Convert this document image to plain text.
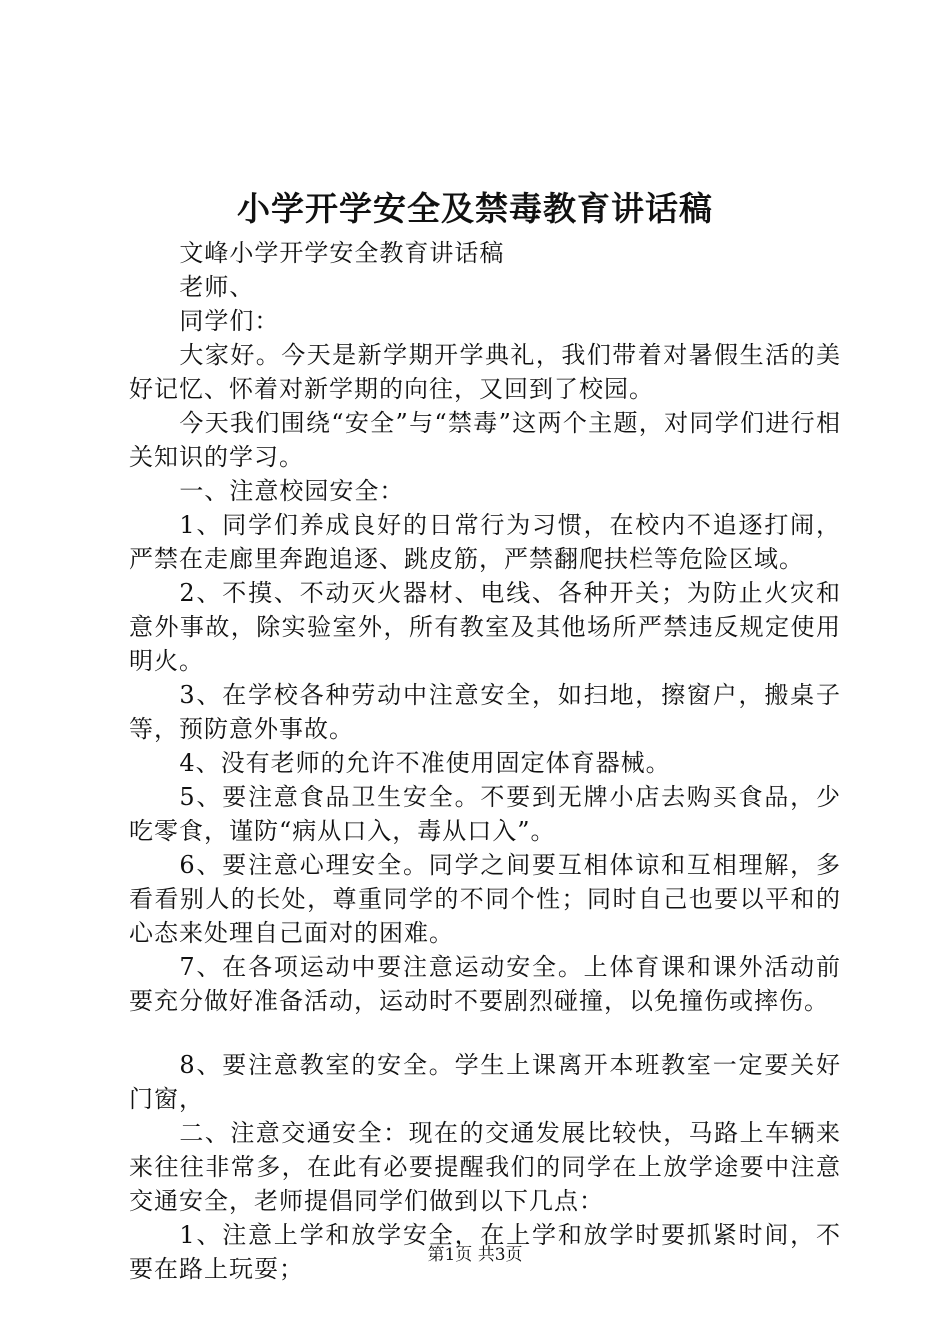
小学开学安全及禁毒教育讲话稿

文峰小学开学安全教育讲话稿

老师、

同学们：

大家好。今天是新学期开学典礼，我们带着对暑假生活的美好记忆、怀着对新学期的向往，又回到了校园。

今天我们围绕“安全”与“禁毒”这两个主题，对同学们进行相关知识的学习。

一、注意校园安全：

1、同学们养成良好的日常行为习惯，在校内不追逐打闹，严禁在走廊里奔跑追逐、跳皮筋，严禁翻爬扶栏等危险区域。

2、不摸、不动灭火器材、电线、各种开关；为防止火灾和意外事故，除实验室外，所有教室及其他场所严禁违反规定使用明火。

3、在学校各种劳动中注意安全，如扫地，擦窗户，搬桌子等，预防意外事故。

4、没有老师的允许不准使用固定体育器械。

5、要注意食品卫生安全。不要到无牌小店去购买食品，少吃零食，谨防“病从口入，毒从口入”。

6、要注意心理安全。同学之间要互相体谅和互相理解，多看看别人的长处，尊重同学的不同个性；同时自己也要以平和的心态来处理自己面对的困难。

7、在各项运动中要注意运动安全。上体育课和课外活动前要充分做好准备活动，运动时不要剧烈碰撞，以免撞伤或摔伤。

8、要注意教室的安全。学生上课离开本班教室一定要关好门窗，

二、注意交通安全：现在的交通发展比较快，马路上车辆来来往往非常多，在此有必要提醒我们的同学在上放学途要中注意交通安全，老师提倡同学们做到以下几点：

1、注意上学和放学安全，在上学和放学时要抓紧时间，不要在路上玩耍；	第1页 共3页
